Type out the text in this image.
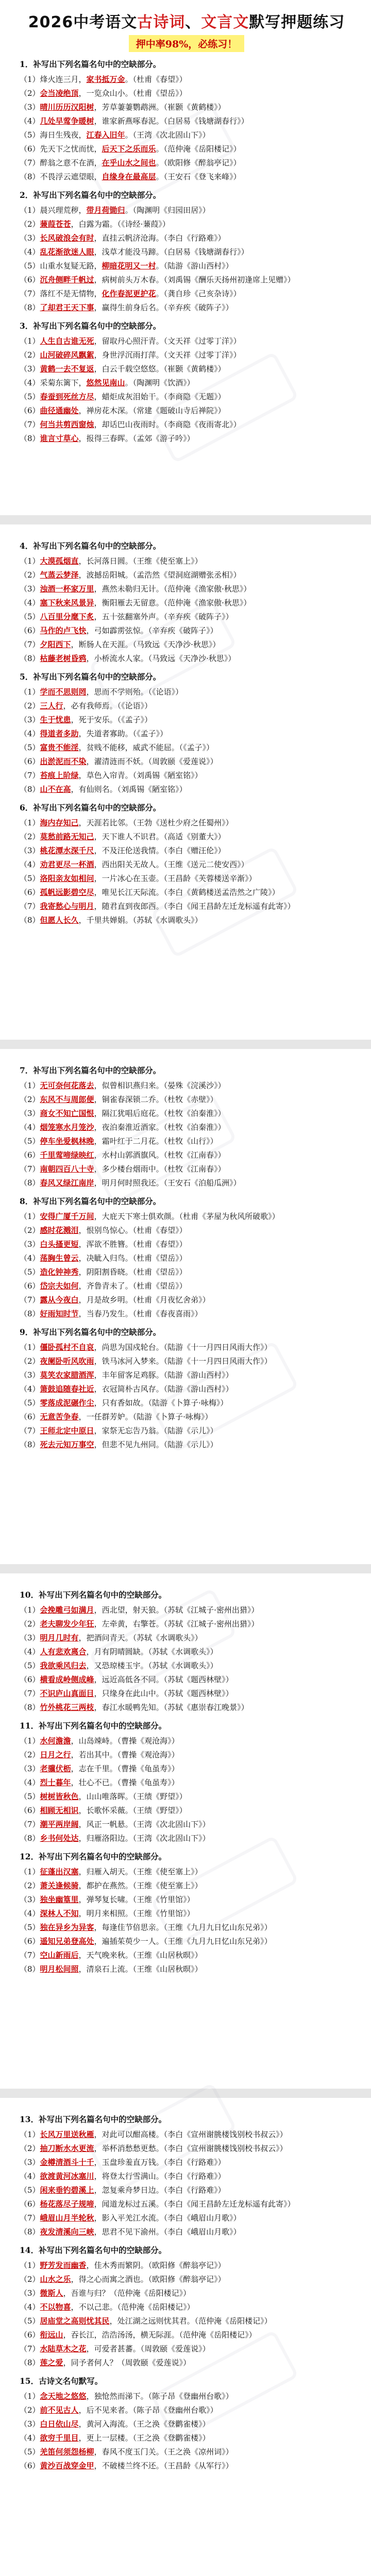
2026中考语文古诗词、文言文默写押题练习
押中率98%，必练习！
1．补写出下列名篇名句中的空缺部分。
（1）烽火连三月，家书抵万金。（杜甫《春望》）
（2）会当凌绝顶，一览众山小。（杜甫《望岳》）
（3）晴川历历汉阳树，芳草萋萋鹦鹉洲。（崔颢《黄鹤楼》）
（4）几处早莺争暖树，谁家新燕啄春泥。（白居易《钱塘湖春行》）
（5）海日生残夜，江春入旧年。（王湾《次北固山下》）
（6）先天下之忧而忧，后天下之乐而乐。（范仲淹《岳阳楼记》）
（7）醉翁之意不在酒，在乎山水之间也。（欧阳修《醉翁亭记》）
（8）不畏浮云遮望眼，自缘身在最高层。（王安石《登飞来峰》）
2．补写出下列名篇名句中的空缺部分。
（1）晨兴理荒秽，带月荷锄归。（陶渊明《归园田居》）
（2）蒹葭苍苍，白露为霜。（《诗经·蒹葭》）
（3）长风破浪会有时，直挂云帆济沧海。（李白《行路难》）
（4）乱花渐欲迷人眼，浅草才能没马蹄。（白居易《钱塘湖春行》）
（5）山重水复疑无路，柳暗花明又一村。（陆游《游山西村》）
（6）沉舟侧畔千帆过，病树前头万木春。（刘禹锡《酬乐天扬州初逢席上见赠》）
（7）落红不是无情物，化作春泥更护花。（龚自珍《己亥杂诗》）
（8）了却君王天下事，赢得生前身后名。（辛弃疾《破阵子》）
3．补写出下列名篇名句中的空缺部分。
（1）人生自古谁无死，留取丹心照汗青。（文天祥《过零丁洋》）
（2）山河破碎风飘絮，身世浮沉雨打萍。（文天祥《过零丁洋》）
（3）黄鹤一去不复返，白云千载空悠悠。（崔颢《黄鹤楼》）
（4）采菊东篱下，悠然见南山。（陶渊明《饮酒》）
（5）春蚕到死丝方尽，蜡炬成灰泪始干。（李商隐《无题》）
（6）曲径通幽处，禅房花木深。（常建《题破山寺后禅院》）
（7）何当共剪西窗烛，却话巴山夜雨时。（李商隐《夜雨寄北》）
（8）谁言寸草心，报得三春晖。（孟郊《游子吟》）
4．补写出下列名篇名句中的空缺部分。
（1）大漠孤烟直，长河落日圆。（王维《使至塞上》）
（2）气蒸云梦泽，波撼岳阳城。（孟浩然《望洞庭湖赠张丞相》）
（3）浊酒一杯家万里，燕然未勒归无计。（范仲淹《渔家傲·秋思》）
（4）塞下秋来风景异，衡阳雁去无留意。（范仲淹《渔家傲·秋思》）
（5）八百里分麾下炙，五十弦翻塞外声。（辛弃疾《破阵子》）
（6）马作的卢飞快，弓如霹雳弦惊。（辛弃疾《破阵子》）
（7）夕阳西下，断肠人在天涯。（马致远《天净沙·秋思》）
（8）枯藤老树昏鸦，小桥流水人家。（马致远《天净沙·秋思》）
5．补写出下列名篇名句中的空缺部分。
（1）学而不思则罔，思而不学则殆。（《论语》）
（2）三人行，必有我师焉。（《论语》）
（3）生于忧患，死于安乐。（《孟子》）
（4）得道者多助，失道者寡助。（《孟子》）
（5）富贵不能淫，贫贱不能移，威武不能屈。（《孟子》）
（6）出淤泥而不染，濯清涟而不妖。（周敦颐《爱莲说》）
（7）苔痕上阶绿，草色入帘青。（刘禹锡《陋室铭》）
（8）山不在高，有仙则名。（刘禹锡《陋室铭》）
6．补写出下列名篇名句中的空缺部分。
（1）海内存知己，天涯若比邻。（王勃《送杜少府之任蜀州》）
（2）莫愁前路无知己，天下谁人不识君。（高适《别董大》）
（3）桃花潭水深千尺，不及汪伦送我情。（李白《赠汪伦》）
（4）劝君更尽一杯酒，西出阳关无故人。（王维《送元二使安西》）
（5）洛阳亲友如相问，一片冰心在玉壶。（王昌龄《芙蓉楼送辛渐》）
（6）孤帆远影碧空尽，唯见长江天际流。（李白《黄鹤楼送孟浩然之广陵》）
（7）我寄愁心与明月，随君直到夜郎西。（李白《闻王昌龄左迁龙标遥有此寄》）
（8）但愿人长久，千里共婵娟。（苏轼《水调歌头》）
7．补写出下列名篇名句中的空缺部分。
（1）无可奈何花落去，似曾相识燕归来。（晏殊《浣溪沙》）
（2）东风不与周郎便，铜雀春深锁二乔。（杜牧《赤壁》）
（3）商女不知亡国恨，隔江犹唱后庭花。（杜牧《泊秦淮》）
（4）烟笼寒水月笼沙，夜泊秦淮近酒家。（杜牧《泊秦淮》）
（5）停车坐爱枫林晚，霜叶红于二月花。（杜牧《山行》）
（6）千里莺啼绿映红，水村山郭酒旗风。（杜牧《江南春》）
（7）南朝四百八十寺，多少楼台烟雨中。（杜牧《江南春》）
（8）春风又绿江南岸，明月何时照我还。（王安石《泊船瓜洲》）
8．补写出下列名篇名句中的空缺部分。
（1）安得广厦千万间，大庇天下寒士俱欢颜。（杜甫《茅屋为秋风所破歌》）
（2）感时花溅泪，恨别鸟惊心。（杜甫《春望》）
（3）白头搔更短，浑欲不胜簪。（杜甫《春望》）
（4）荡胸生曾云，决眦入归鸟。（杜甫《望岳》）
（5）造化钟神秀，阴阳割昏晓。（杜甫《望岳》）
（6）岱宗夫如何，齐鲁青未了。（杜甫《望岳》）
（7）露从今夜白，月是故乡明。（杜甫《月夜忆舍弟》）
（8）好雨知时节，当春乃发生。（杜甫《春夜喜雨》）
9．补写出下列名篇名句中的空缺部分。
（1）僵卧孤村不自哀，尚思为国戍轮台。（陆游《十一月四日风雨大作》）
（2）夜阑卧听风吹雨，铁马冰河入梦来。（陆游《十一月四日风雨大作》）
（3）莫笑农家腊酒浑，丰年留客足鸡豚。（陆游《游山西村》）
（4）箫鼓追随春社近，衣冠简朴古风存。（陆游《游山西村》）
（5）零落成泥碾作尘，只有香如故。（陆游《卜算子·咏梅》）
（6）无意苦争春，一任群芳妒。（陆游《卜算子·咏梅》）
（7）王师北定中原日，家祭无忘告乃翁。（陆游《示儿》）
（8）死去元知万事空，但悲不见九州同。（陆游《示儿》）
10．补写出下列名篇名句中的空缺部分。
（1）会挽雕弓如满月，西北望，射天狼。（苏轼《江城子·密州出猎》）
（2）老夫聊发少年狂，左牵黄，右擎苍。（苏轼《江城子·密州出猎》）
（3）明月几时有，把酒问青天。（苏轼《水调歌头》）
（4）人有悲欢离合，月有阴晴圆缺。（苏轼《水调歌头》）
（5）我欲乘风归去，又恐琼楼玉宇。（苏轼《水调歌头》）
（6）横看成岭侧成峰，远近高低各不同。（苏轼《题西林壁》）
（7）不识庐山真面目，只缘身在此山中。（苏轼《题西林壁》）
（8）竹外桃花三两枝，春江水暖鸭先知。（苏轼《惠崇春江晚景》）
11．补写出下列名篇名句中的空缺部分。
（1）水何澹澹，山岛竦峙。（曹操《观沧海》）
（2）日月之行，若出其中。（曹操《观沧海》）
（3）老骥伏枥，志在千里。（曹操《龟虽寿》）
（4）烈士暮年，壮心不已。（曹操《龟虽寿》）
（5）树树皆秋色，山山唯落晖。（王绩《野望》）
（6）相顾无相识，长歌怀采薇。（王绩《野望》）
（7）潮平两岸阔，风正一帆悬。（王湾《次北固山下》）
（8）乡书何处达，归雁洛阳边。（王湾《次北固山下》）
12．补写出下列名篇名句中的空缺部分。
（1）征蓬出汉塞，归雁入胡天。（王维《使至塞上》）
（2）萧关逢候骑，都护在燕然。（王维《使至塞上》）
（3）独坐幽篁里，弹琴复长啸。（王维《竹里馆》）
（4）深林人不知，明月来相照。（王维《竹里馆》）
（5）独在异乡为异客，每逢佳节倍思亲。（王维《九月九日忆山东兄弟》）
（6）遥知兄弟登高处，遍插茱萸少一人。（王维《九月九日忆山东兄弟》）
（7）空山新雨后，天气晚来秋。（王维《山居秋暝》）
（8）明月松间照，清泉石上流。（王维《山居秋暝》）
13．补写出下列名篇名句中的空缺部分。
（1）长风万里送秋雁，对此可以酣高楼。（李白《宣州谢朓楼饯别校书叔云》）
（2）抽刀断水水更流，举杯消愁愁更愁。（李白《宣州谢朓楼饯别校书叔云》）
（3）金樽清酒斗十千，玉盘珍羞直万钱。（李白《行路难》）
（4）欲渡黄河冰塞川，将登太行雪满山。（李白《行路难》）
（5）闲来垂钓碧溪上，忽复乘舟梦日边。（李白《行路难》）
（6）杨花落尽子规啼，闻道龙标过五溪。（李白《闻王昌龄左迁龙标遥有此寄》）
（7）峨眉山月半轮秋，影入平羌江水流。（李白《峨眉山月歌》）
（8）夜发清溪向三峡，思君不见下渝州。（李白《峨眉山月歌》）
14．补写出下列名篇名句中的空缺部分。
（1）野芳发而幽香，佳木秀而繁阴。（欧阳修《醉翁亭记》）
（2）山水之乐，得之心而寓之酒也。（欧阳修《醉翁亭记》）
（3）微斯人，吾谁与归？（范仲淹《岳阳楼记》）
（4）不以物喜，不以己悲。（范仲淹《岳阳楼记》）
（5）居庙堂之高则忧其民，处江湖之远则忧其君。（范仲淹《岳阳楼记》）
（6）衔远山，吞长江，浩浩汤汤，横无际涯。（范仲淹《岳阳楼记》）
（7）水陆草木之花，可爱者甚蕃。（周敦颐《爱莲说》）
（8）莲之爱，同予者何人？（周敦颐《爱莲说》）
15．古诗文名句默写。
（1）念天地之悠悠，独怆然而涕下。（陈子昂《登幽州台歌》）
（2）前不见古人，后不见来者。（陈子昂《登幽州台歌》）
（3）白日依山尽，黄河入海流。（王之涣《登鹳雀楼》）
（4）欲穷千里目，更上一层楼。（王之涣《登鹳雀楼》）
（5）羌笛何须怨杨柳，春风不度玉门关。（王之涣《凉州词》）
（6）黄沙百战穿金甲，不破楼兰终不还。（王昌龄《从军行》）
